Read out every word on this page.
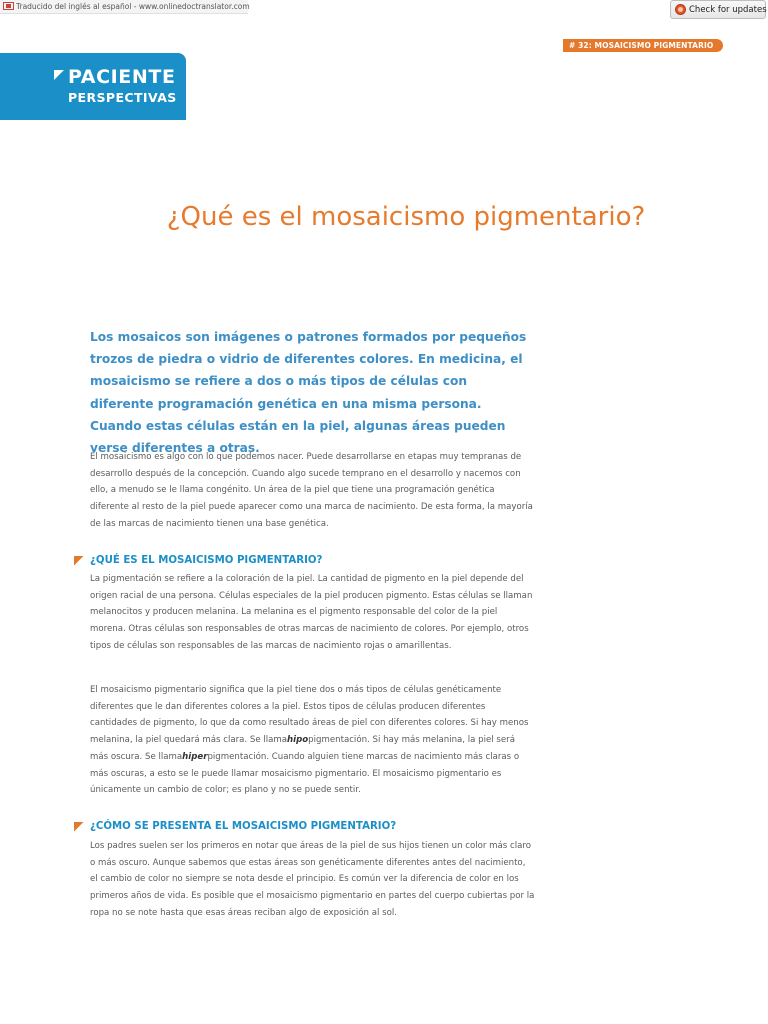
Traducido del inglés al español - www.onlinedoctranslator.com	Check for updates
# 32: MOSAICISMO PIGMENTARIO
PACIENTE
PERSPECTIVAS
¿Qué es el mosaicismo pigmentario?
Los mosaicos son imágenes o patrones formados por pequeños trozos de piedra o vidrio de diferentes colores. En medicina, el mosaicismo se refiere a dos o más tipos de células con diferente programación genética en una misma persona. Cuando estas células están en la piel, algunas áreas pueden verse diferentes a otras.
El mosaicismo es algo con lo que podemos nacer. Puede desarrollarse en etapas muy tempranas de desarrollo después de la concepción. Cuando algo sucede temprano en el desarrollo y nacemos con ello, a menudo se le llama congénito. Un área de la piel que tiene una programación genética diferente al resto de la piel puede aparecer como una marca de nacimiento. De esta forma, la mayoría de las marcas de nacimiento tienen una base genética.
¿QUÉ ES EL MOSAICISMO PIGMENTARIO?
La pigmentación se refiere a la coloración de la piel. La cantidad de pigmento en la piel depende del origen racial de una persona. Células especiales de la piel producen pigmento. Estas células se llaman melanocitos y producen melanina. La melanina es el pigmento responsable del color de la piel morena. Otras células son responsables de otras marcas de nacimiento de colores. Por ejemplo, otros tipos de células son responsables de las marcas de nacimiento rojas o amarillentas.
El mosaicismo pigmentario significa que la piel tiene dos o más tipos de células genéticamente diferentes que le dan diferentes colores a la piel. Estos tipos de células producen diferentes cantidades de pigmento, lo que da como resultado áreas de piel con diferentes colores. Si hay menos melanina, la piel quedará más clara. Se llamahipopigmentación. Si hay más melanina, la piel será más oscura. Se llamahiperpigmentación. Cuando alguien tiene marcas de nacimiento más claras o más oscuras, a esto se le puede llamar mosaicismo pigmentario. El mosaicismo pigmentario es únicamente un cambio de color; es plano y no se puede sentir.
¿CÓMO SE PRESENTA EL MOSAICISMO PIGMENTARIO?
Los padres suelen ser los primeros en notar que áreas de la piel de sus hijos tienen un color más claro o más oscuro. Aunque sabemos que estas áreas son genéticamente diferentes antes del nacimiento, el cambio de color no siempre se nota desde el principio. Es común ver la diferencia de color en los primeros años de vida. Es posible que el mosaicismo pigmentario en partes del cuerpo cubiertas por la ropa no se note hasta que esas áreas reciban algo de exposición al sol.
